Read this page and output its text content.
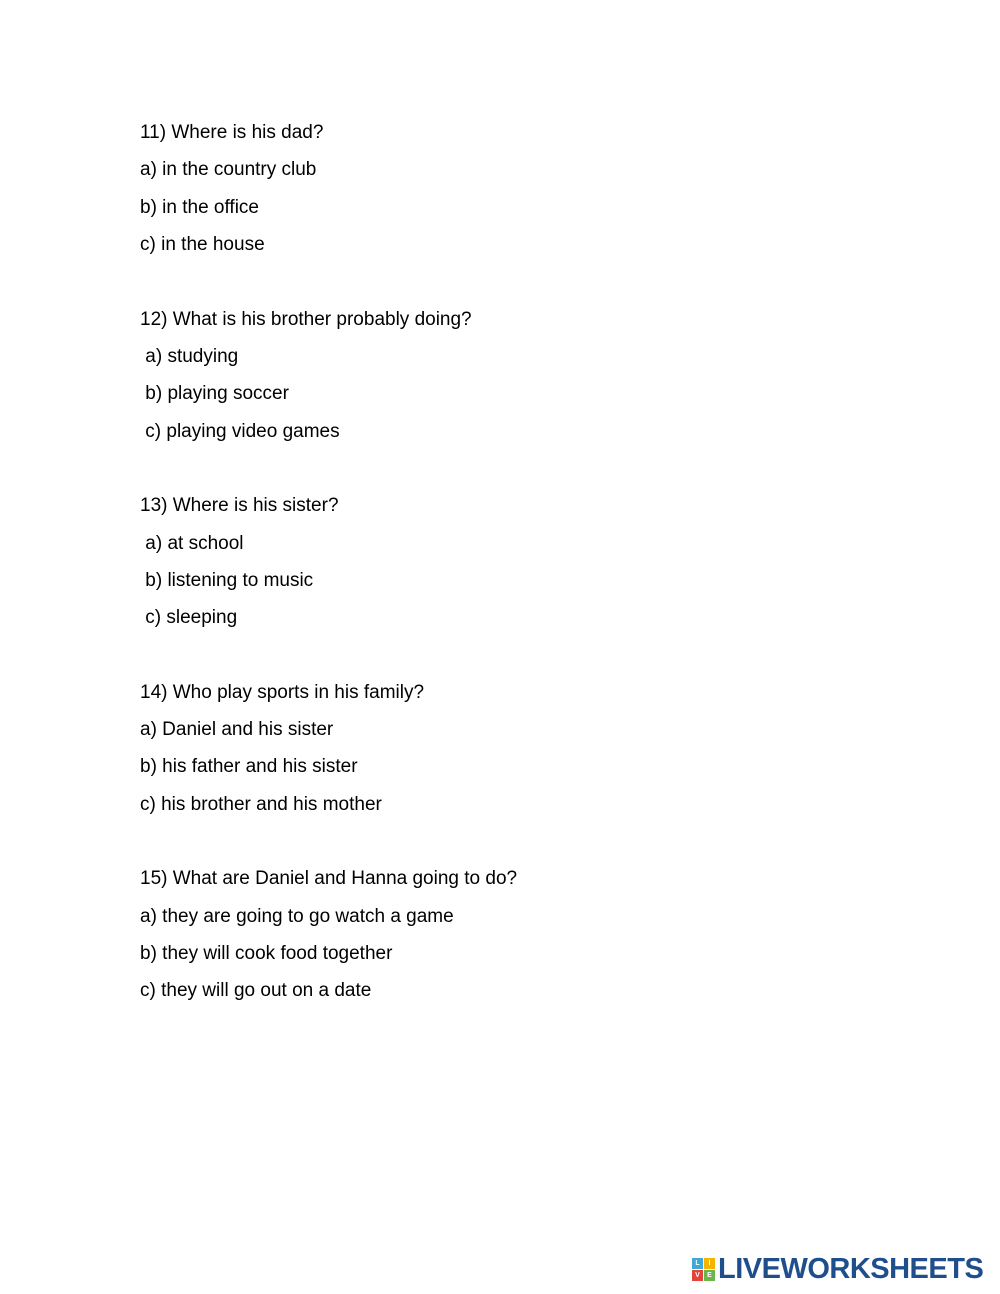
11) Where is his dad?
a) in the country club
b) in the office
c) in the house
12) What is his brother probably doing?
a) studying
b) playing soccer
c) playing video games
13) Where is his sister?
a) at school
b) listening to music
c) sleeping
14) Who play sports in his family?
a) Daniel and his sister
b) his father and his sister
c) his brother and his mother
15) What are Daniel and Hanna going to do?
a) they are going to go watch a game
b) they will cook food together
c) they will go out on a date
L	I
V	E LIVEWORKSHEETS
